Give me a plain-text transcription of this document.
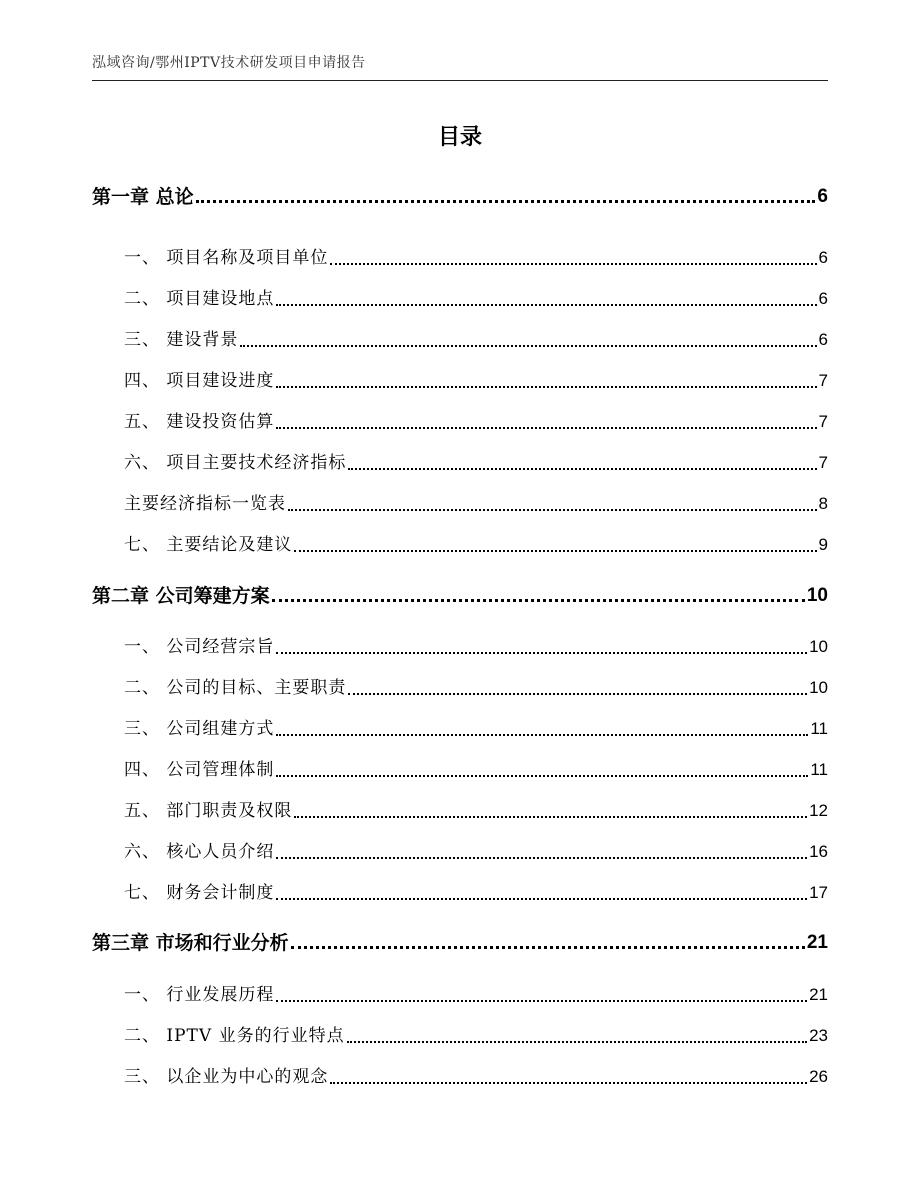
泓域咨询/鄂州IPTV技术研发项目申请报告
目录
第一章 总论	6
一、 项目名称及项目单位	6
二、 项目建设地点	6
三、 建设背景	6
四、 项目建设进度	7
五、 建设投资估算	7
六、 项目主要技术经济指标	7
主要经济指标一览表	8
七、 主要结论及建议	9
第二章 公司筹建方案	10
一、 公司经营宗旨	10
二、 公司的目标、主要职责	10
三、 公司组建方式	11
四、 公司管理体制	11
五、 部门职责及权限	12
六、 核心人员介绍	16
七、 财务会计制度	17
第三章 市场和行业分析	21
一、 行业发展历程	21
二、 IPTV 业务的行业特点	23
三、 以企业为中心的观念	26
